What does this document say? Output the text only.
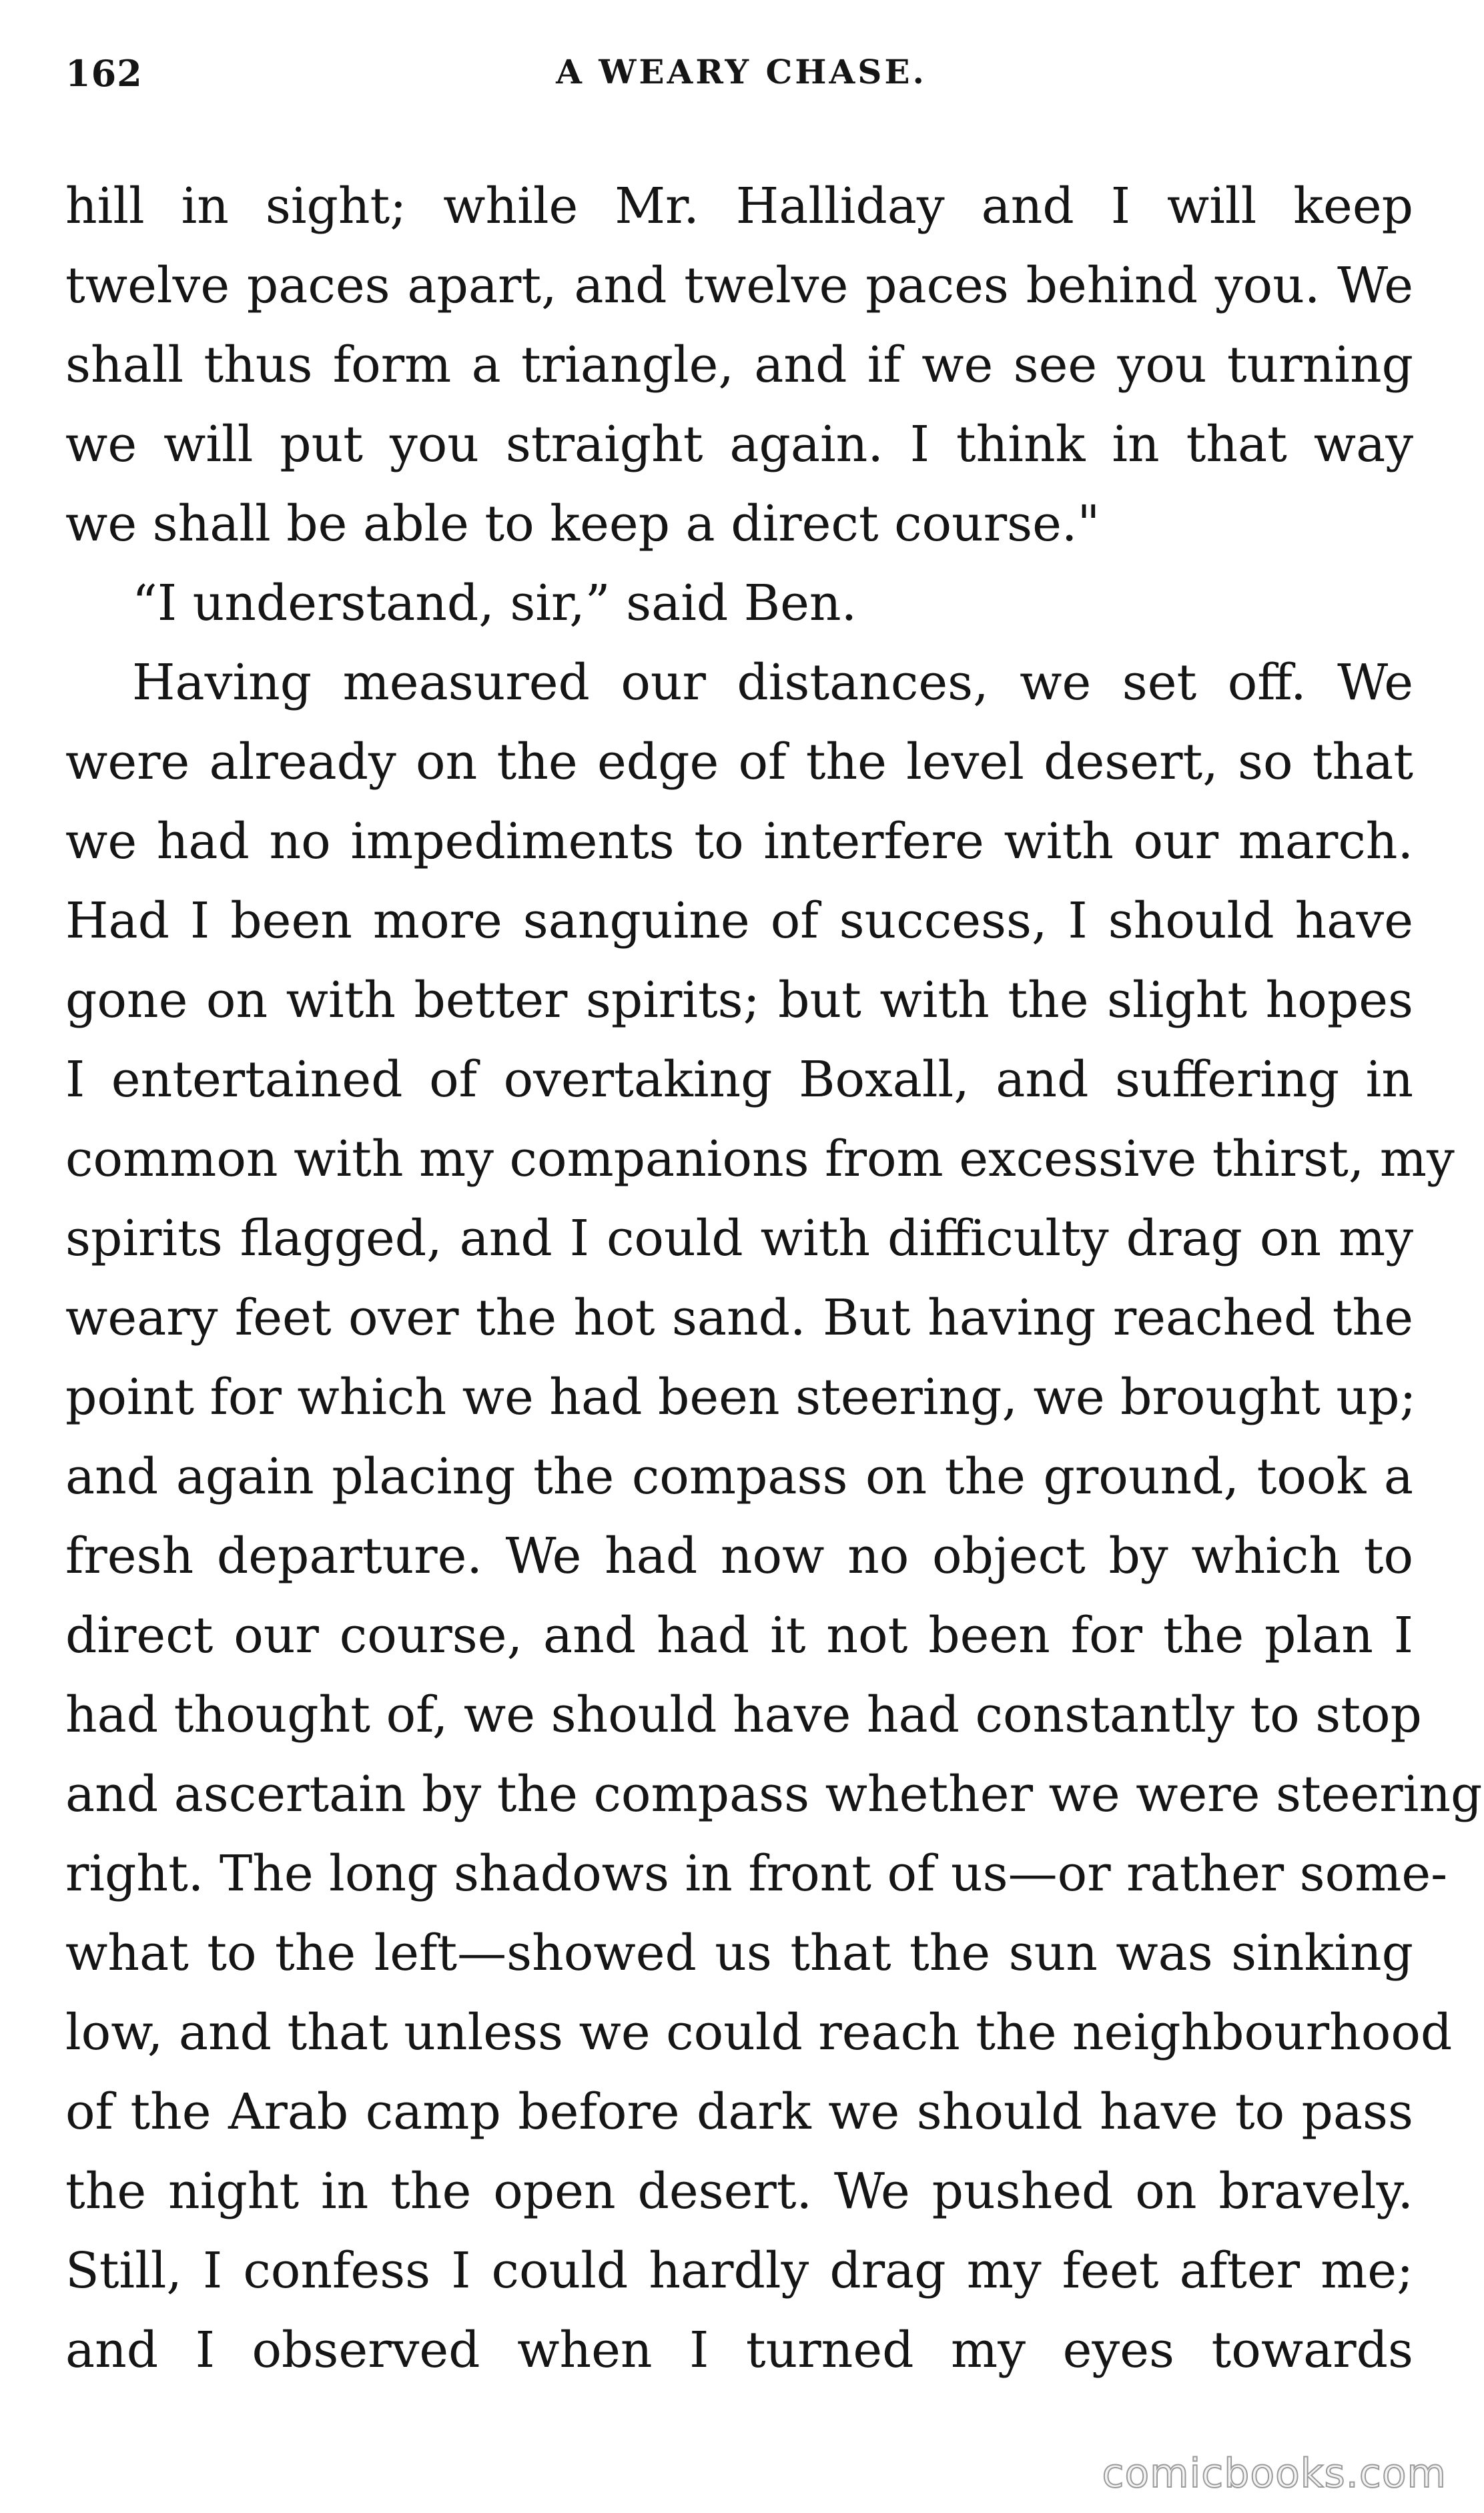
162	A WEARY CHASE.
hill in sight; while Mr. Halliday and I will keep
twelve paces apart, and twelve paces behind you. We
shall thus form a triangle, and if we see you turning
we will put you straight again. I think in that way
we shall be able to keep a direct course."
“I understand, sir,” said Ben.
Having measured our distances, we set off. We
were already on the edge of the level desert, so that
we had no impediments to interfere with our march.
Had I been more sanguine of success, I should have
gone on with better spirits; but with the slight hopes
I entertained of overtaking Boxall, and suffering in
common with my companions from excessive thirst, my
spirits flagged, and I could with difficulty drag on my
weary feet over the hot sand. But having reached the
point for which we had been steering, we brought up;
and again placing the compass on the ground, took a
fresh departure. We had now no object by which to
direct our course, and had it not been for the plan I
had thought of, we should have had constantly to stop
and ascertain by the compass whether we were steering
right. The long shadows in front of us—or rather some-
what to the left—showed us that the sun was sinking
low, and that unless we could reach the neighbourhood
of the Arab camp before dark we should have to pass
the night in the open desert. We pushed on bravely.
Still, I confess I could hardly drag my feet after me;
and I observed when I turned my eyes towards
comicbooks.com
